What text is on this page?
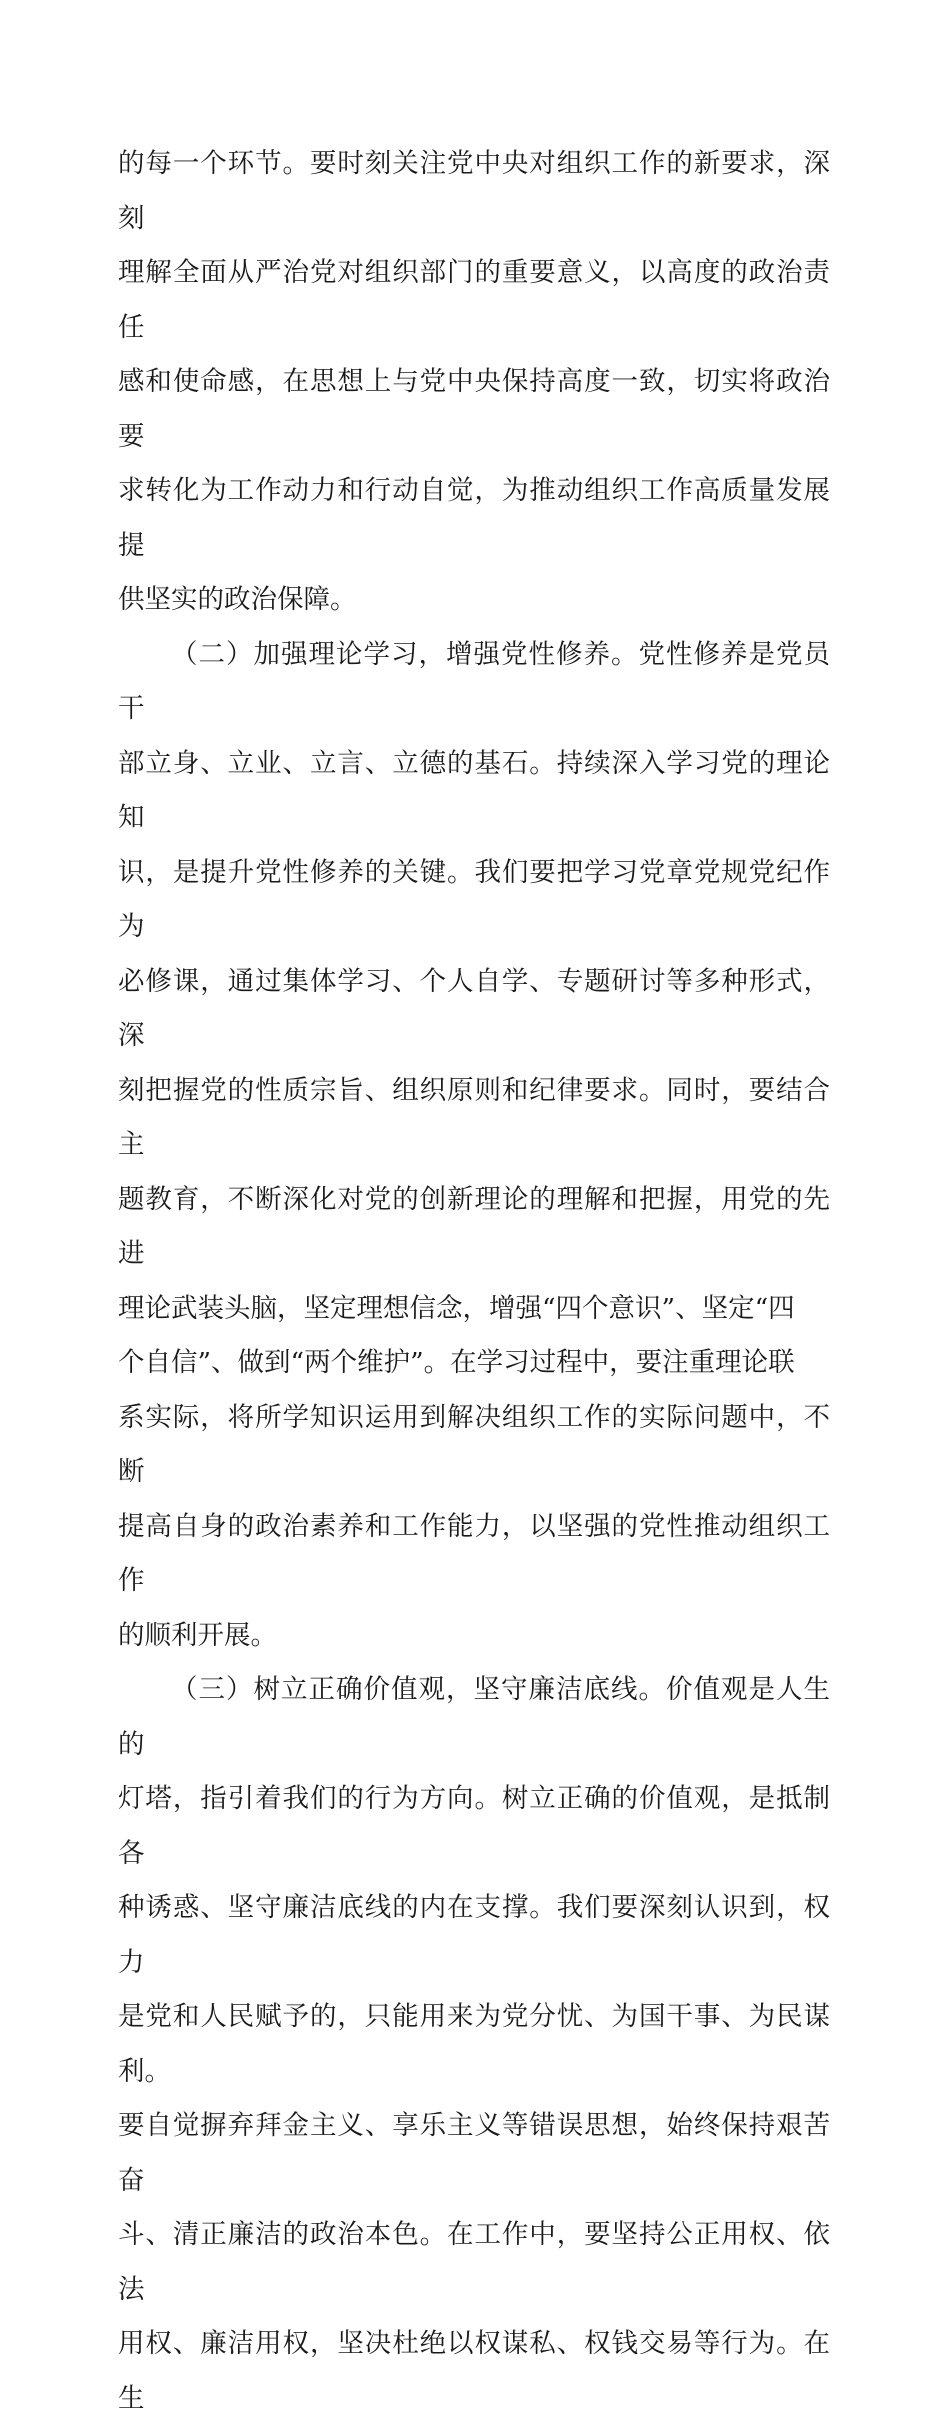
的每一个环节。要时刻关注党中央对组织工作的新要求，深刻
理解全面从严治党对组织部门的重要意义，以高度的政治责任
感和使命感，在思想上与党中央保持高度一致，切实将政治要
求转化为工作动力和行动自觉，为推动组织工作高质量发展提
供坚实的政治保障。

（二）加强理论学习，增强党性修养。党性修养是党员干
部立身、立业、立言、立德的基石。持续深入学习党的理论知
识，是提升党性修养的关键。我们要把学习党章党规党纪作为
必修课，通过集体学习、个人自学、专题研讨等多种形式，深
刻把握党的性质宗旨、组织原则和纪律要求。同时，要结合主
题教育，不断深化对党的创新理论的理解和把握，用党的先进
理论武装头脑，坚定理想信念，增强“四个意识”、坚定“四
个自信”、做到“两个维护”。在学习过程中，要注重理论联
系实际，将所学知识运用到解决组织工作的实际问题中，不断
提高自身的政治素养和工作能力，以坚强的党性推动组织工作
的顺利开展。

（三）树立正确价值观，坚守廉洁底线。价值观是人生的
灯塔，指引着我们的行为方向。树立正确的价值观，是抵制各
种诱惑、坚守廉洁底线的内在支撑。我们要深刻认识到，权力
是党和人民赋予的，只能用来为党分忧、为国干事、为民谋利。
要自觉摒弃拜金主义、享乐主义等错误思想，始终保持艰苦奋
斗、清正廉洁的政治本色。在工作中，要坚持公正用权、依法
用权、廉洁用权，坚决杜绝以权谋私、权钱交易等行为。在生
